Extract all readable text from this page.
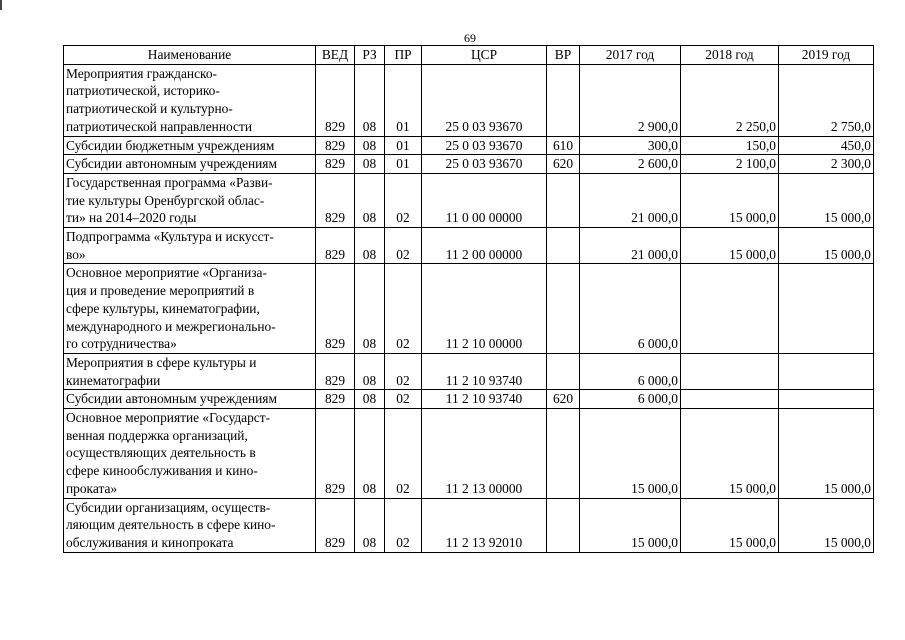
69
Наименование	ВЕД	РЗ	ПР	ЦСР	ВР	2017 год	2018 год	2019 год

Мероприятия гражданско-
патриотической, историко-
патриотической и культурно-
патриотической направленности	829	08	01	25 0 03 93670		2 900,0	2 250,0	2 750,0

Субсидии бюджетным учреждениям	829	08	01	25 0 03 93670	610	300,0	150,0	450,0

Субсидии автономным учреждениям	829	08	01	25 0 03 93670	620	2 600,0	2 100,0	2 300,0

Государственная программа «Разви-
тие культуры Оренбургской облас-
ти» на 2014–2020 годы	829	08	02	11 0 00 00000		21 000,0	15 000,0	15 000,0

Подпрограмма «Культура и искусст-
во»	829	08	02	11 2 00 00000		21 000,0	15 000,0	15 000,0

Основное мероприятие «Организа-
ция и проведение мероприятий в
сфере культуры, кинематографии,
международного и межрегионально-
го сотрудничества»	829	08	02	11 2 10 00000		6 000,0		

Мероприятия в сфере культуры и
кинематографии	829	08	02	11 2 10 93740		6 000,0		

Субсидии автономным учреждениям	829	08	02	11 2 10 93740	620	6 000,0		

Основное мероприятие «Государст-
венная поддержка организаций,
осуществляющих деятельность в
сфере кинообслуживания и кино-
проката»	829	08	02	11 2 13 00000		15 000,0	15 000,0	15 000,0

Субсидии организациям, осуществ-
ляющим деятельность в сфере кино-
обслуживания и кинопроката	829	08	02	11 2 13 92010		15 000,0	15 000,0	15 000,0
